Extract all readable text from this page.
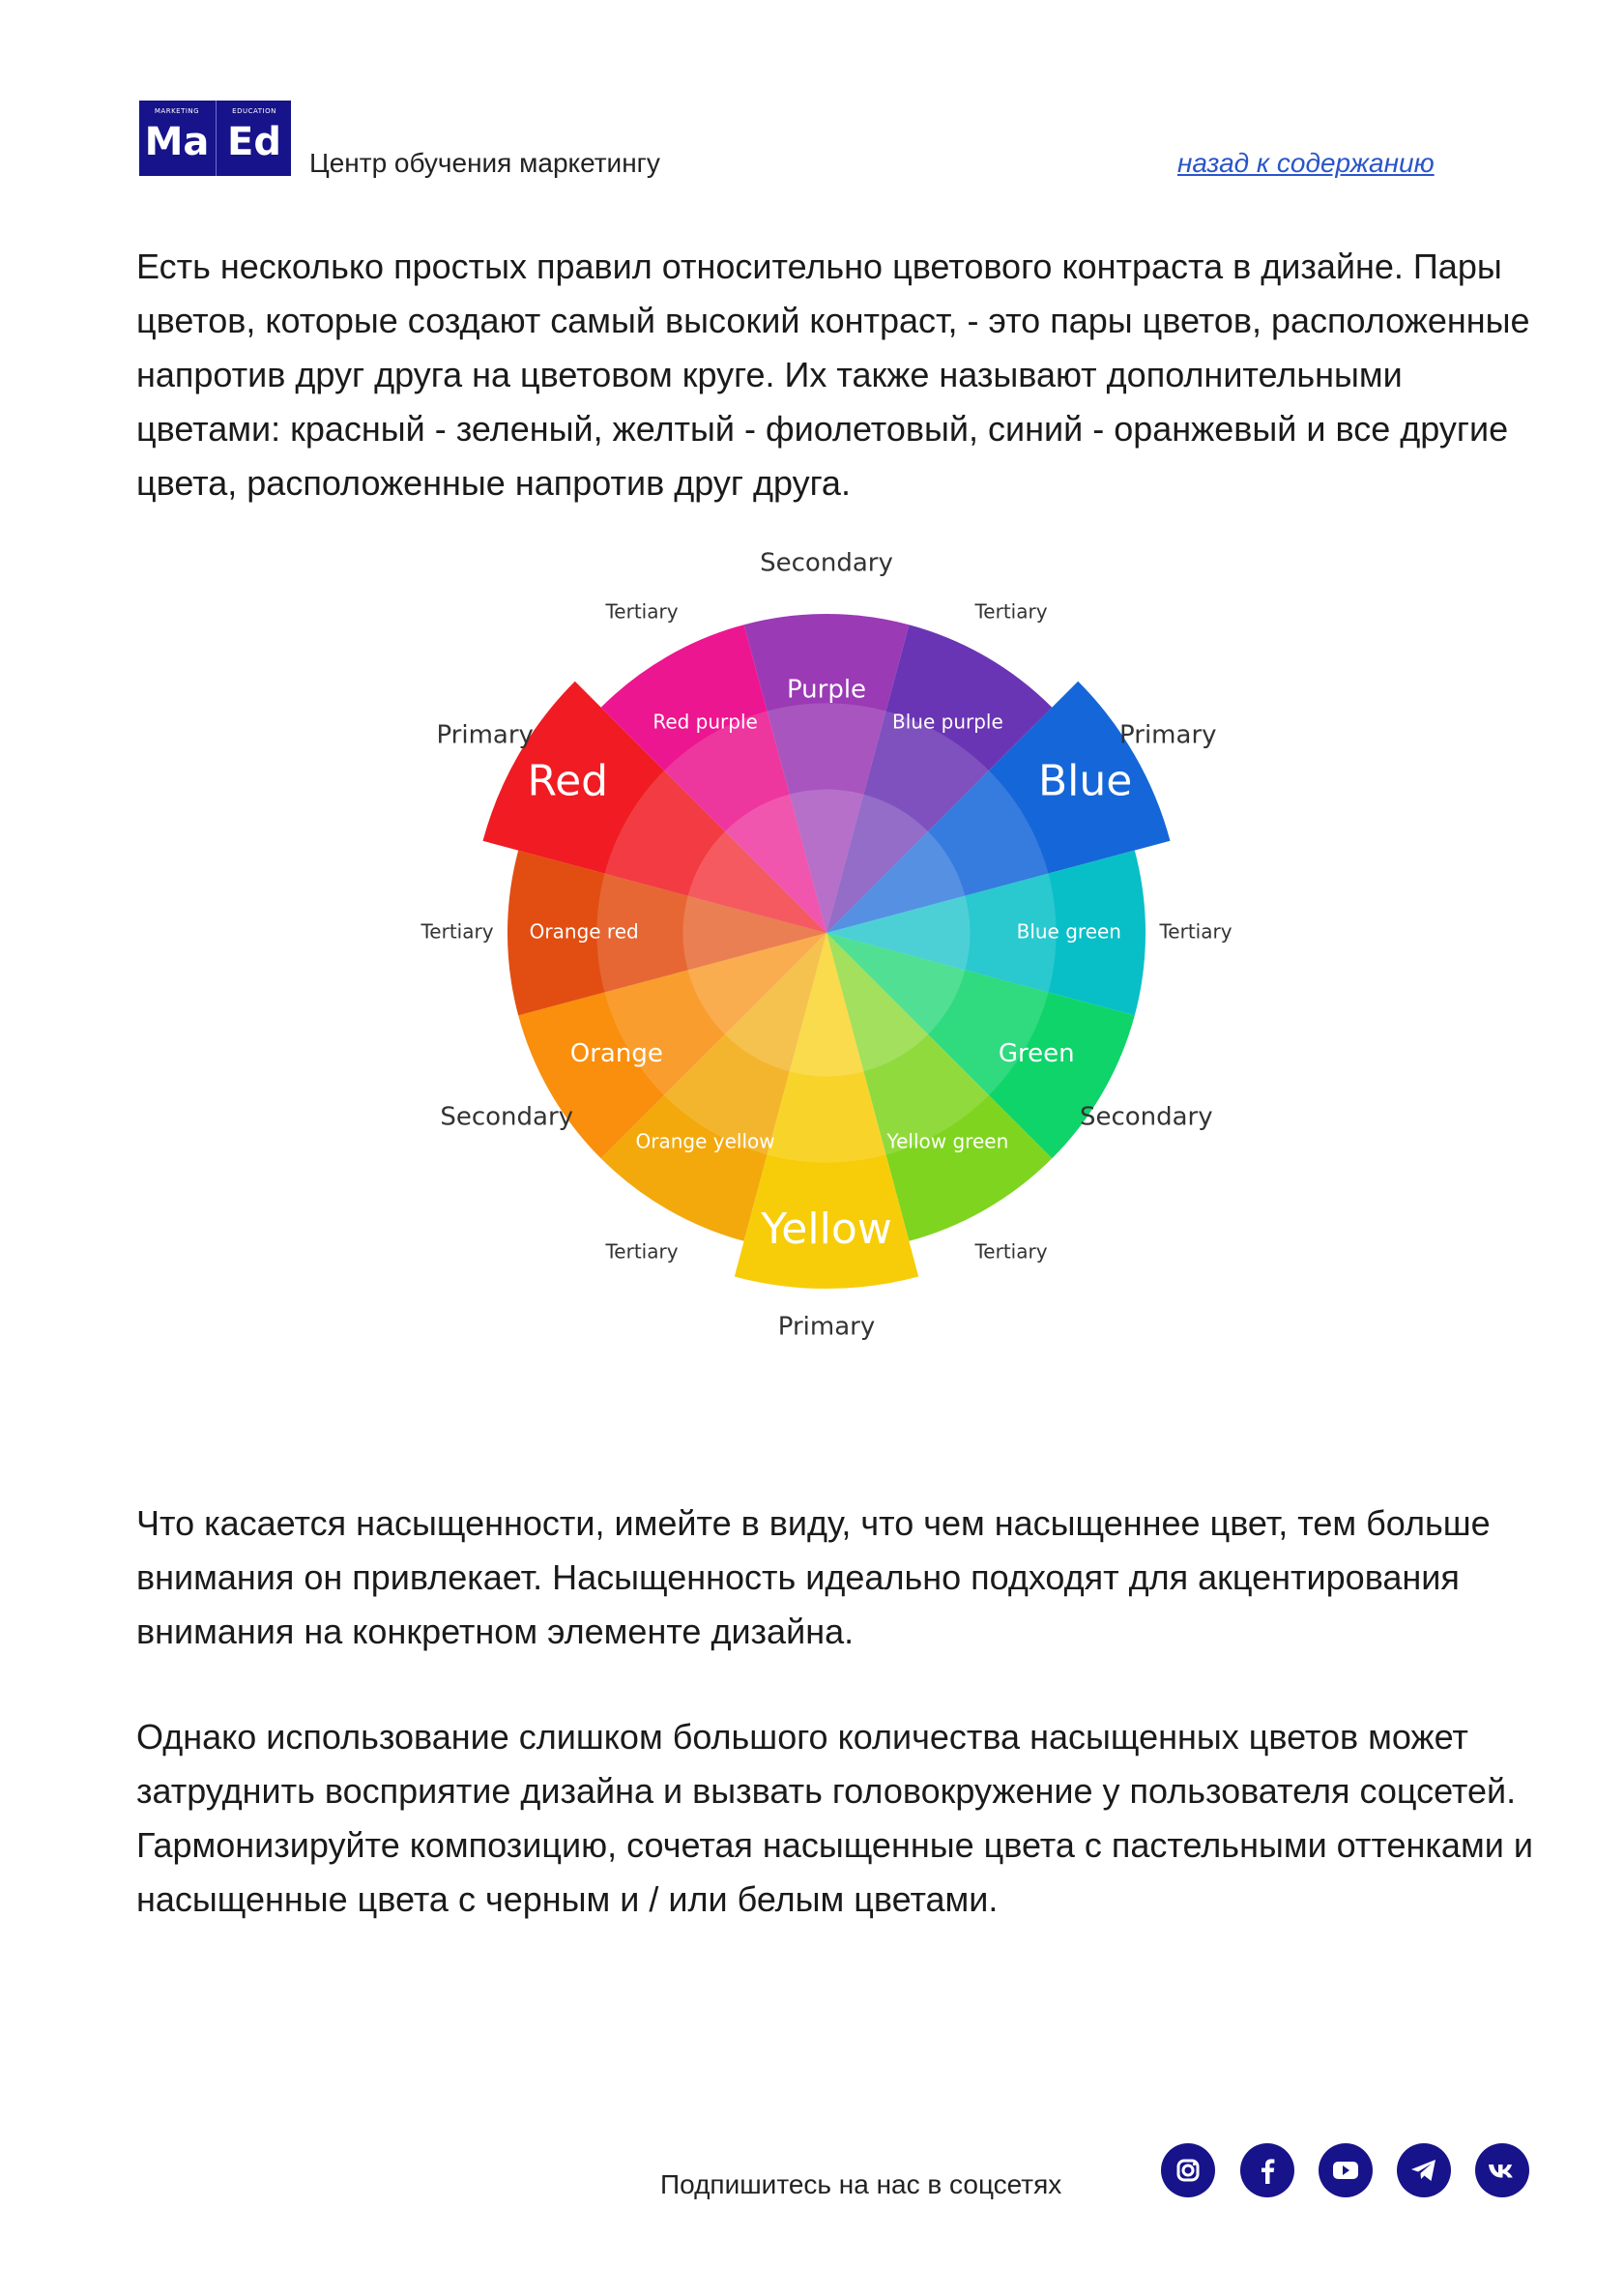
MARKETING
Ma
EDUCATION
Ed	Центр обучения маркетингу	назад к содержанию

Есть несколько простых правил относительно цветового контраста в дизайне. Пары цветов, которые создают самый высокий контраст, - это пары цветов, расположенные напротив друг друга на цветовом круге. Их также называют дополнительными цветами: красный - зеленый, желтый - фиолетовый, синий - оранжевый и все другие цвета, расположенные напротив друг друга.

Purple
Secondary
Blue purple
Tertiary
Blue
Primary
Blue green Tertiary
Green
Secondary
Yellow green
Tertiary
Yellow
Primary
Orange yellow
Tertiary
Orange
Secondary
Orange red
Tertiary
Red
Primary	Red purple
Tertiary

Что касается насыщенности, имейте в виду, что чем насыщеннее цвет, тем больше внимания он привлекает. Насыщенность идеально подходят для акцентирования внимания на конкретном элементе дизайна.

Однако использование слишком большого количества насыщенных цветов может затруднить восприятие дизайна и вызвать головокружение у пользователя соцсетей. Гармонизируйте композицию, сочетая насыщенные цвета с пастельными оттенками и насыщенные цвета с черным и / или белым цветами.

Подпишитесь на нас в соцсетях
